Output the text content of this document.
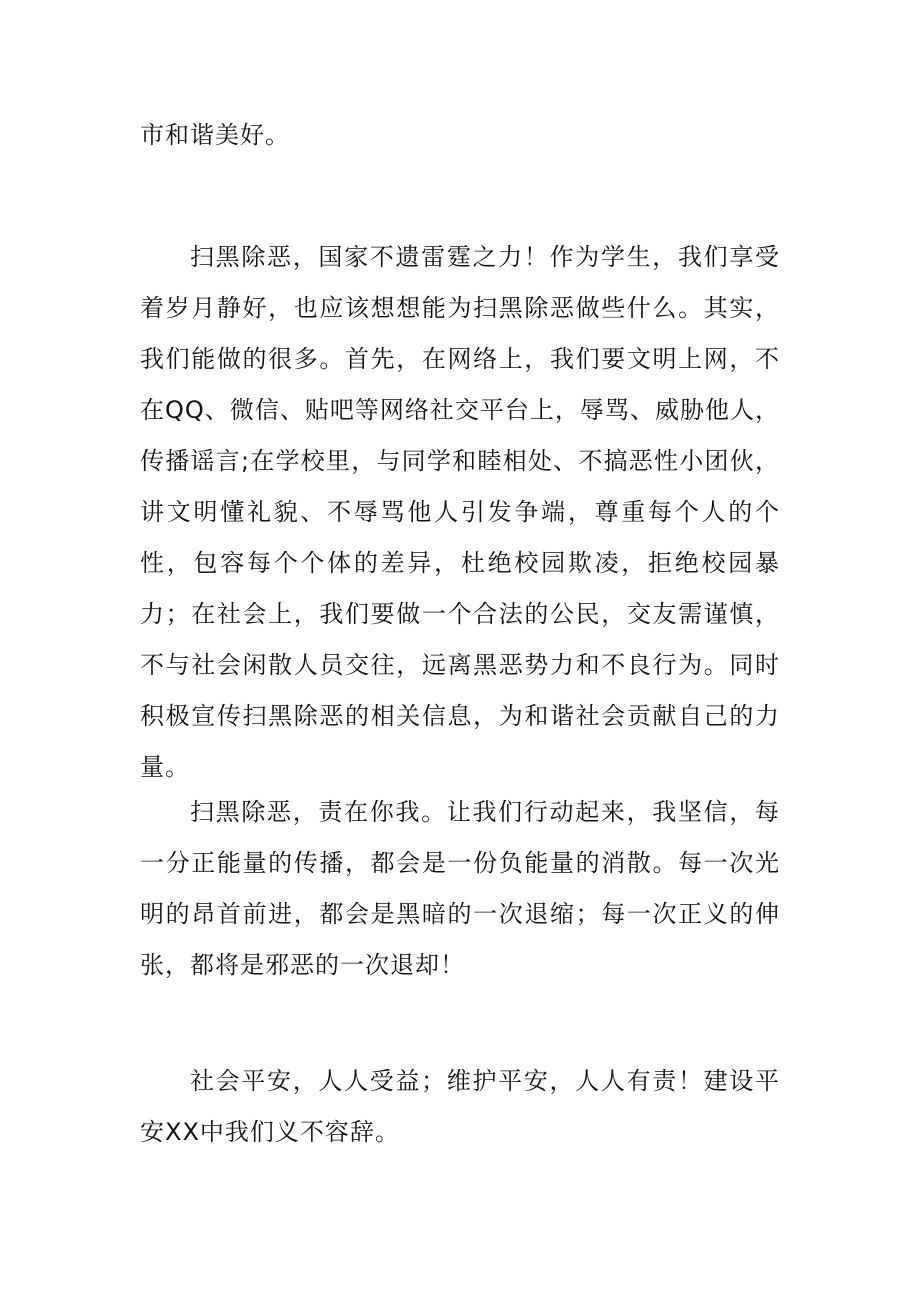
市和谐美好。

扫黑除恶，国家不遗雷霆之力！作为学生，我们享受着岁月静好，也应该想想能为扫黑除恶做些什么。其实，我们能做的很多。首先，在网络上，我们要文明上网，不在QQ、微信、贴吧等网络社交平台上，辱骂、威胁他人，传播谣言;在学校里，与同学和睦相处、不搞恶性小团伙，讲文明懂礼貌、不辱骂他人引发争端，尊重每个人的个性，包容每个个体的差异，杜绝校园欺凌，拒绝校园暴力；在社会上，我们要做一个合法的公民，交友需谨慎，不与社会闲散人员交往，远离黑恶势力和不良行为。同时积极宣传扫黑除恶的相关信息，为和谐社会贡献自己的力量。

扫黑除恶，责在你我。让我们行动起来，我坚信，每一分正能量的传播，都会是一份负能量的消散。每一次光明的昂首前进，都会是黑暗的一次退缩；每一次正义的伸张，都将是邪恶的一次退却！

社会平安，人人受益；维护平安，人人有责！建设平安XX中我们义不容辞。
